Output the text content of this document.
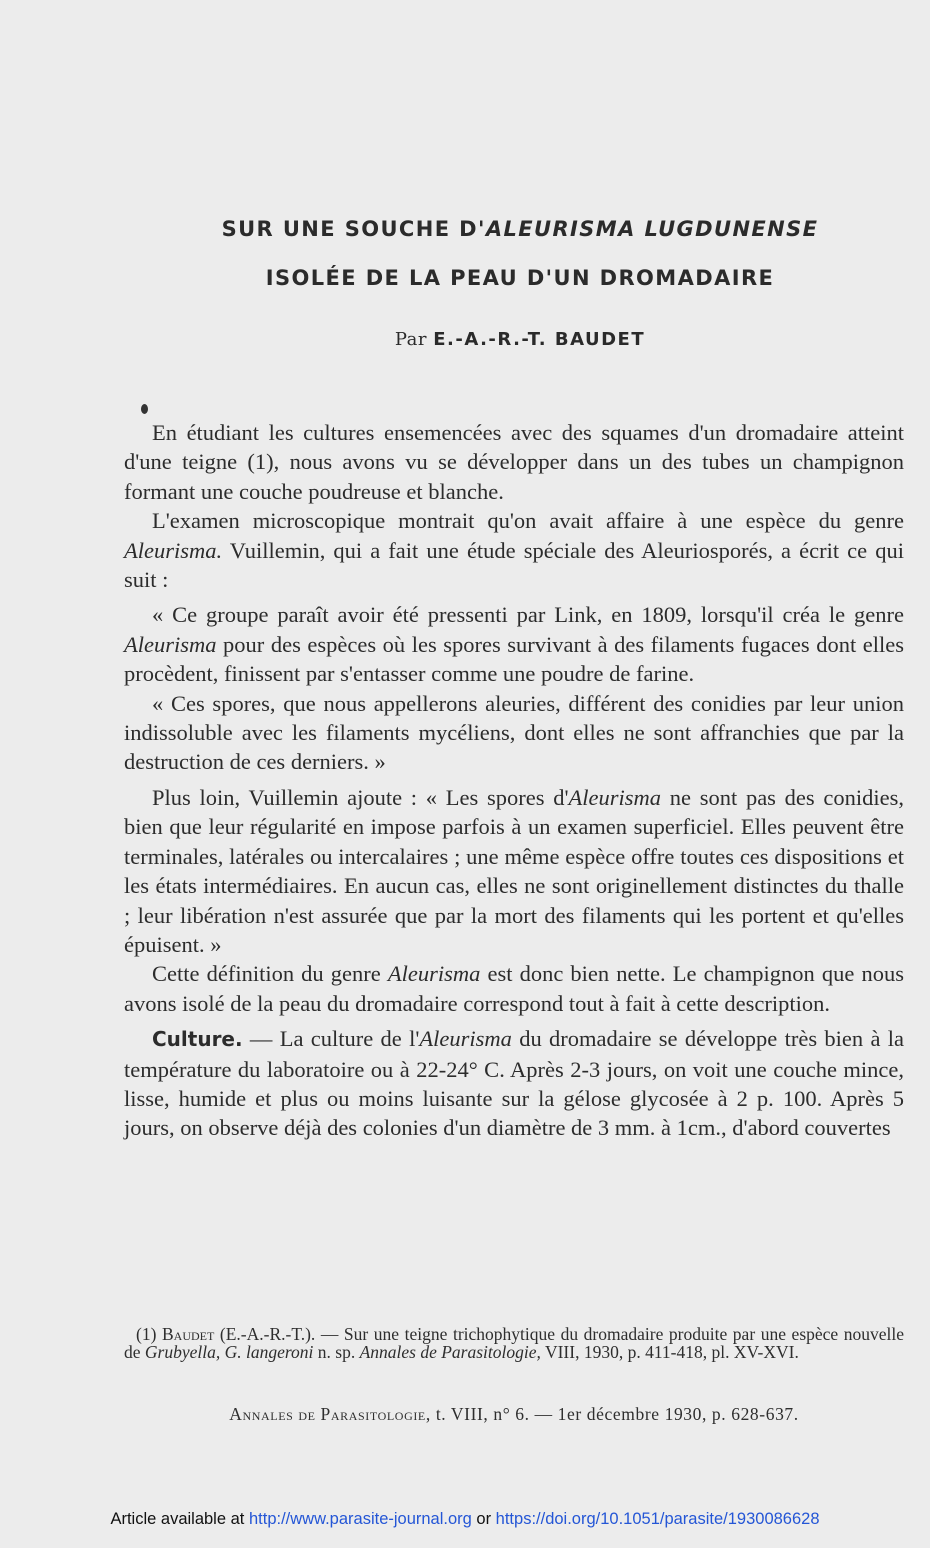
SUR UNE SOUCHE D'ALEURISMA LUGDUNENSE
ISOLÉE DE LA PEAU D'UN DROMADAIRE
Par E.-A.-R.-T. BAUDET

En étudiant les cultures ensemencées avec des squames d'un dromadaire atteint d'une teigne (1), nous avons vu se développer dans un des tubes un champignon formant une couche poudreuse et blanche.

L'examen microscopique montrait qu'on avait affaire à une espèce du genre Aleurisma. Vuillemin, qui a fait une étude spéciale des Aleuriosporés, a écrit ce qui suit :

« Ce groupe paraît avoir été pressenti par Link, en 1809, lorsqu'il créa le genre Aleurisma pour des espèces où les spores survivant à des filaments fugaces dont elles procèdent, finissent par s'entasser comme une poudre de farine.

« Ces spores, que nous appellerons aleuries, différent des conidies par leur union indissoluble avec les filaments mycéliens, dont elles ne sont affranchies que par la destruction de ces derniers. »

Plus loin, Vuillemin ajoute : « Les spores d'Aleurisma ne sont pas des conidies, bien que leur régularité en impose parfois à un examen superficiel. Elles peuvent être terminales, latérales ou intercalaires ; une même espèce offre toutes ces dispositions et les états intermédiaires. En aucun cas, elles ne sont originellement distinctes du thalle ; leur libération n'est assurée que par la mort des filaments qui les portent et qu'elles épuisent. »

Cette définition du genre Aleurisma est donc bien nette. Le champignon que nous avons isolé de la peau du dromadaire correspond tout à fait à cette description.

Culture. — La culture de l'Aleurisma du dromadaire se développe très bien à la température du laboratoire ou à 22-24° C. Après 2-3 jours, on voit une couche mince, lisse, humide et plus ou moins luisante sur la gélose glycosée à 2 p. 100. Après 5 jours, on observe déjà des colonies d'un diamètre de 3 mm. à 1cm., d'abord couvertes

(1) Baudet (E.-A.-R.-T.). — Sur une teigne trichophytique du dromadaire produite par une espèce nouvelle de Grubyella, G. langeroni n. sp. Annales de Parasitologie, VIII, 1930, p. 411-418, pl. XV-XVI.

Annales de Parasitologie, t. VIII, n° 6. — 1er décembre 1930, p. 628-637.
Article available at http://www.parasite-journal.org or https://doi.org/10.1051/parasite/1930086628
